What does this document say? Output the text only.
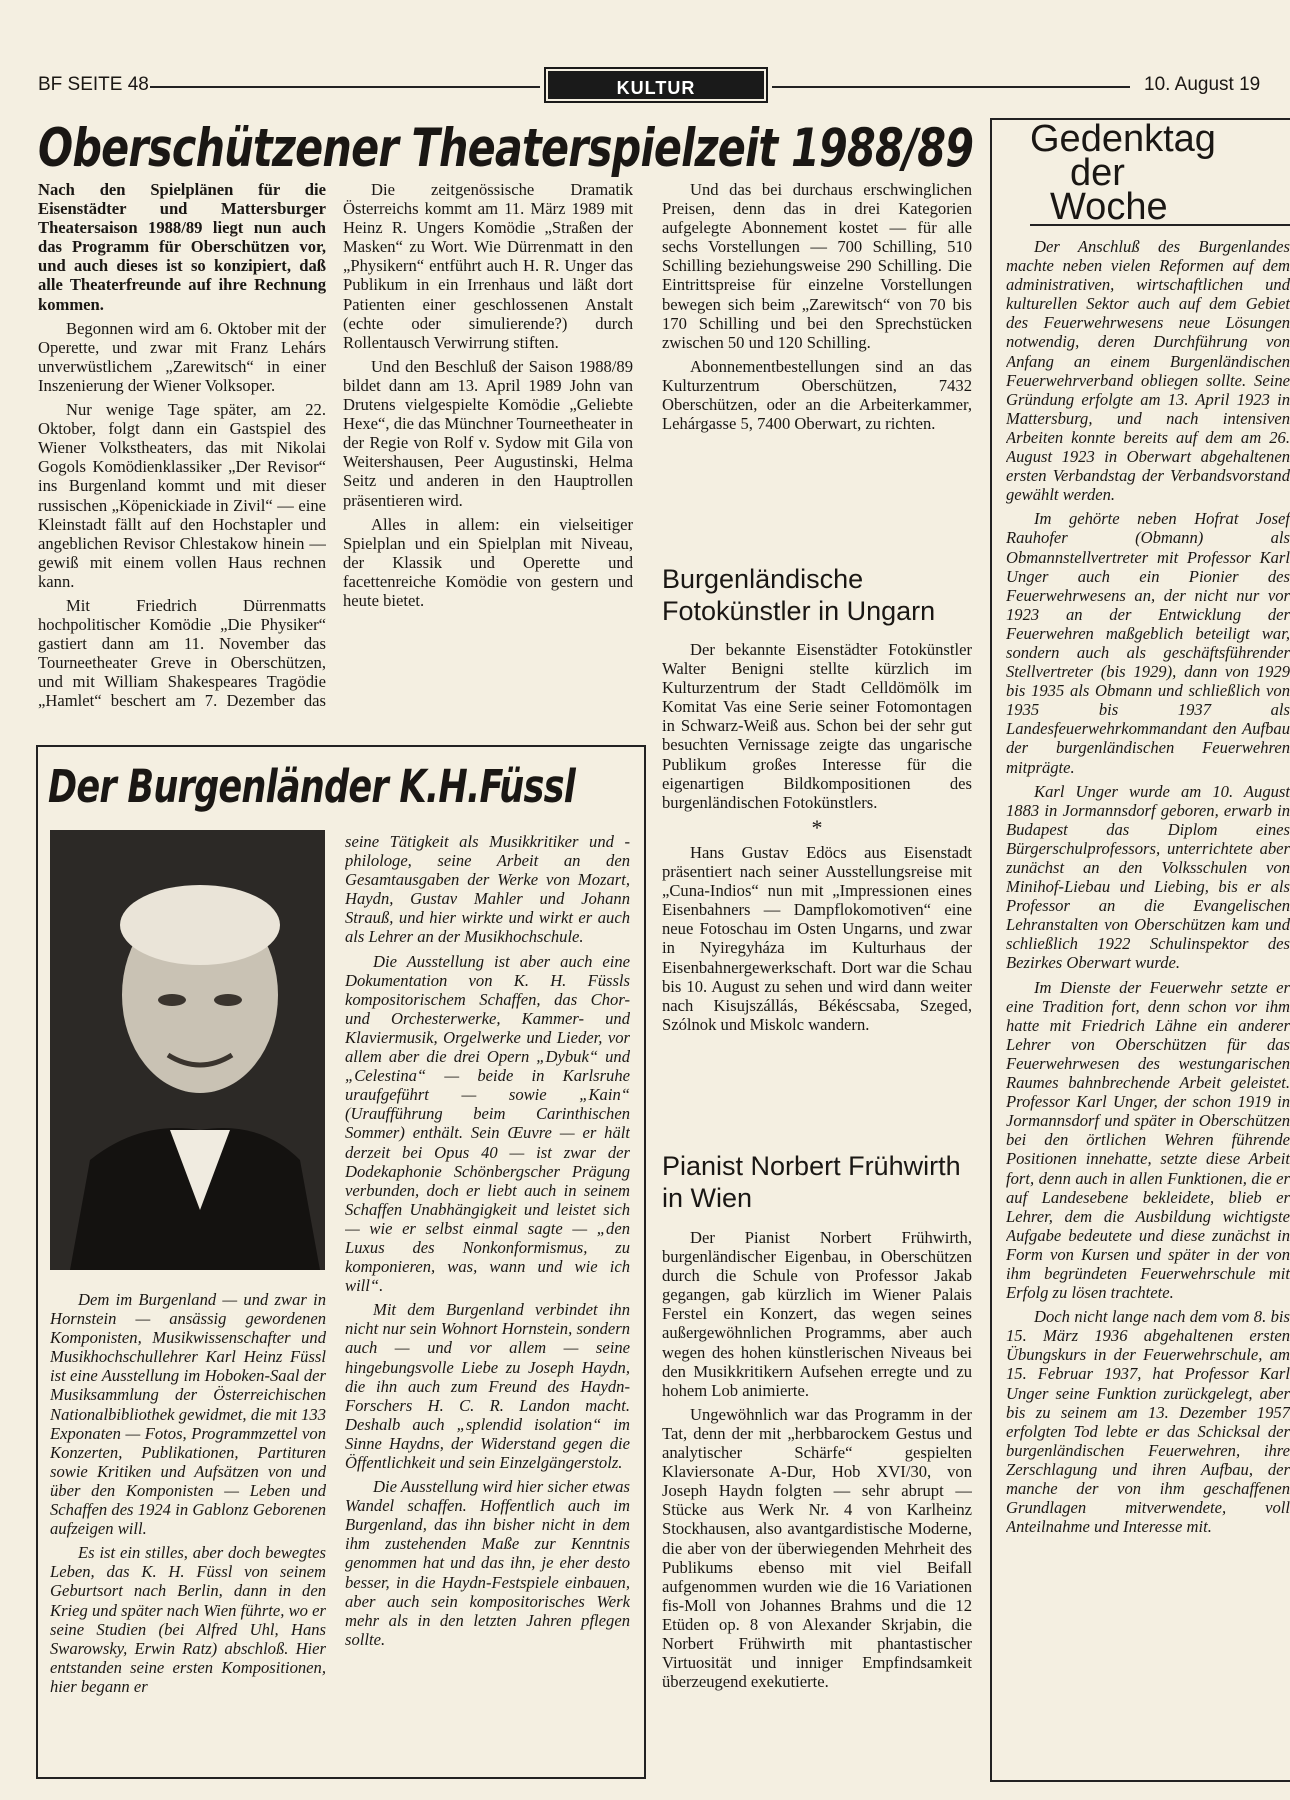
BF SEITE 48	KULTUR	10. August 19
Oberschützener Theaterspielzeit 1988/89

Nach den Spielplänen für die Eisenstädter und Mattersburger Theatersaison 1988/89 liegt nun auch das Programm für Oberschützen vor, und auch dieses ist so konzipiert, daß alle Theaterfreunde auf ihre Rechnung kommen.

Begonnen wird am 6. Oktober mit der Operette, und zwar mit Franz Lehárs unverwüstlichem „Zarewitsch“ in einer Inszenierung der Wiener Volksoper.

Nur wenige Tage später, am 22. Oktober, folgt dann ein Gastspiel des Wiener Volkstheaters, das mit Nikolai Gogols Komödienklassiker „Der Revisor“ ins Burgenland kommt und mit dieser russischen „Köpenickiade in Zivil“ — eine Kleinstadt fällt auf den Hochstapler und angeblichen Revisor Chlestakow hinein — gewiß mit einem vollen Haus rechnen kann.

Mit Friedrich Dürrenmatts hochpolitischer Komödie „Die Physiker“ gastiert dann am 11. November das Tourneetheater Greve in Oberschützen, und mit William Shakespeares Tragödie „Hamlet“ beschert am 7. Dezember das

Die zeitgenössische Dramatik Österreichs kommt am 11. März 1989 mit Heinz R. Ungers Komödie „Straßen der Masken“ zu Wort. Wie Dürrenmatt in den „Physikern“ entführt auch H. R. Unger das Publikum in ein Irrenhaus und läßt dort Patienten einer geschlossenen Anstalt (echte oder simulierende?) durch Rollentausch Verwirrung stiften.

Und den Beschluß der Saison 1988/89 bildet dann am 13. April 1989 John van Drutens vielgespielte Komödie „Geliebte Hexe“, die das Münchner Tourneetheater in der Regie von Rolf v. Sydow mit Gila von Weitershausen, Peer Augustinski, Helma Seitz und anderen in den Hauptrollen präsentieren wird.

Alles in allem: ein vielseitiger Spielplan und ein Spielplan mit Niveau, der Klassik und Operette und facettenreiche Komödie von gestern und heute bietet.

Und das bei durchaus erschwinglichen Preisen, denn das in drei Kategorien aufgelegte Abonnement kostet — für alle sechs Vorstellungen — 700 Schilling, 510 Schilling beziehungsweise 290 Schilling. Die Eintrittspreise für einzelne Vorstellungen bewegen sich beim „Zarewitsch“ von 70 bis 170 Schilling und bei den Sprechstücken zwischen 50 und 120 Schilling.

Abonnementbestellungen sind an das Kulturzentrum Oberschützen, 7432 Oberschützen, oder an die Arbeiterkammer, Lehárgasse 5, 7400 Oberwart, zu richten.

Burgenländische Fotokünstler in Ungarn

Der bekannte Eisenstädter Fotokünstler Walter Benigni stellte kürzlich im Kulturzentrum der Stadt Celldömölk im Komitat Vas eine Serie seiner Fotomontagen in Schwarz-Weiß aus. Schon bei der sehr gut besuchten Vernissage zeigte das ungarische Publikum großes Interesse für die eigenartigen Bildkompositionen des burgenländischen Fotokünstlers.

*

Hans Gustav Edöcs aus Eisenstadt präsentiert nach seiner Ausstellungsreise mit „Cuna-Indios“ nun mit „Impressionen eines Eisenbahners — Dampflokomotiven“ eine neue Fotoschau im Osten Ungarns, und zwar in Nyiregyháza im Kulturhaus der Eisenbahnergewerkschaft. Dort war die Schau bis 10. August zu sehen und wird dann weiter nach Kisujszállás, Békéscsaba, Szeged, Szólnok und Miskolc wandern.

Pianist Norbert Frühwirth in Wien

Der Pianist Norbert Frühwirth, burgenländischer Eigenbau, in Oberschützen durch die Schule von Professor Jakab gegangen, gab kürzlich im Wiener Palais Ferstel ein Konzert, das wegen seines außergewöhnlichen Programms, aber auch wegen des hohen künstlerischen Niveaus bei den Musikkritikern Aufsehen erregte und zu hohem Lob animierte.

Ungewöhnlich war das Programm in der Tat, denn der mit „herbbarockem Gestus und analytischer Schärfe“ gespielten Klaviersonate A-Dur, Hob XVI/30, von Joseph Haydn folgten — sehr abrupt — Stücke aus Werk Nr. 4 von Karlheinz Stockhausen, also avantgardistische Moderne, die aber von der überwiegenden Mehrheit des Publikums ebenso mit viel Beifall aufgenommen wurden wie die 16 Variationen fis-Moll von Johannes Brahms und die 12 Etüden op. 8 von Alexander Skrjabin, die Norbert Frühwirth mit phantastischer Virtuosität und inniger Empfindsamkeit überzeugend exekutierte.

Der Burgenländer K.H.Füssl

Dem im Burgenland — und zwar in Hornstein — ansässig gewordenen Komponisten, Musikwissenschafter und Musikhochschullehrer Karl Heinz Füssl ist eine Ausstellung im Hoboken-Saal der Musiksammlung der Österreichischen Nationalbibliothek gewidmet, die mit 133 Exponaten — Fotos, Programmzettel von Konzerten, Publikationen, Partituren sowie Kritiken und Aufsätzen von und über den Komponisten — Leben und Schaffen des 1924 in Gablonz Geborenen aufzeigen will.

Es ist ein stilles, aber doch bewegtes Leben, das K. H. Füssl von seinem Geburtsort nach Berlin, dann in den Krieg und später nach Wien führte, wo er seine Studien (bei Alfred Uhl, Hans Swarowsky, Erwin Ratz) abschloß. Hier entstanden seine ersten Kompositionen, hier begann er

seine Tätigkeit als Musikkritiker und -philologe, seine Arbeit an den Gesamtausgaben der Werke von Mozart, Haydn, Gustav Mahler und Johann Strauß, und hier wirkte und wirkt er auch als Lehrer an der Musikhochschule.

Die Ausstellung ist aber auch eine Dokumentation von K. H. Füssls kompositorischem Schaffen, das Chor- und Orchesterwerke, Kammer- und Klaviermusik, Orgelwerke und Lieder, vor allem aber die drei Opern „Dybuk“ und „Celestina“ — beide in Karlsruhe uraufgeführt — sowie „Kain“ (Uraufführung beim Carinthischen Sommer) enthält. Sein Œuvre — er hält derzeit bei Opus 40 — ist zwar der Dodekaphonie Schönbergscher Prägung verbunden, doch er liebt auch in seinem Schaffen Unabhängigkeit und leistet sich — wie er selbst einmal sagte — „den Luxus des Nonkonformismus, zu komponieren, was, wann und wie ich will“.

Mit dem Burgenland verbindet ihn nicht nur sein Wohnort Hornstein, sondern auch — und vor allem — seine hingebungsvolle Liebe zu Joseph Haydn, die ihn auch zum Freund des Haydn-Forschers H. C. R. Landon macht. Deshalb auch „splendid isolation“ im Sinne Haydns, der Widerstand gegen die Öffentlichkeit und sein Einzelgängerstolz.

Die Ausstellung wird hier sicher etwas Wandel schaffen. Hoffentlich auch im Burgenland, das ihn bisher nicht in dem ihm zustehenden Maße zur Kenntnis genommen hat und das ihn, je eher desto besser, in die Haydn-Festspiele einbauen, aber auch sein kompositorisches Werk mehr als in den letzten Jahren pflegen sollte.

Gedenktag
der
Woche

Der Anschluß des Burgenlandes machte neben vielen Reformen auf dem administrativen, wirtschaftlichen und kulturellen Sektor auch auf dem Gebiet des Feuerwehrwesens neue Lösungen notwendig, deren Durchführung von Anfang an einem Burgenländischen Feuerwehrverband obliegen sollte. Seine Gründung erfolgte am 13. April 1923 in Mattersburg, und nach intensiven Arbeiten konnte bereits auf dem am 26. August 1923 in Oberwart abgehaltenen ersten Verbandstag der Verbandsvorstand gewählt werden.

Im gehörte neben Hofrat Josef Rauhofer (Obmann) als Obmannstellvertreter mit Professor Karl Unger auch ein Pionier des Feuerwehrwesens an, der nicht nur vor 1923 an der Entwicklung der Feuerwehren maßgeblich beteiligt war, sondern auch als geschäftsführender Stellvertreter (bis 1929), dann von 1929 bis 1935 als Obmann und schließlich von 1935 bis 1937 als Landesfeuerwehrkommandant den Aufbau der burgenländischen Feuerwehren mitprägte.

Karl Unger wurde am 10. August 1883 in Jormannsdorf geboren, erwarb in Budapest das Diplom eines Bürgerschulprofessors, unterrichtete aber zunächst an den Volksschulen von Minihof-Liebau und Liebing, bis er als Professor an die Evangelischen Lehranstalten von Oberschützen kam und schließlich 1922 Schulinspektor des Bezirkes Oberwart wurde.

Im Dienste der Feuerwehr setzte er eine Tradition fort, denn schon vor ihm hatte mit Friedrich Lähne ein anderer Lehrer von Oberschützen für das Feuerwehrwesen des westungarischen Raumes bahnbrechende Arbeit geleistet. Professor Karl Unger, der schon 1919 in Jormannsdorf und später in Oberschützen bei den örtlichen Wehren führende Positionen innehatte, setzte diese Arbeit fort, denn auch in allen Funktionen, die er auf Landesebene bekleidete, blieb er Lehrer, dem die Ausbildung wichtigste Aufgabe bedeutete und diese zunächst in Form von Kursen und später in der von ihm begründeten Feuerwehrschule mit Erfolg zu lösen trachtete.

Doch nicht lange nach dem vom 8. bis 15. März 1936 abgehaltenen ersten Übungskurs in der Feuerwehrschule, am 15. Februar 1937, hat Professor Karl Unger seine Funktion zurückgelegt, aber bis zu seinem am 13. Dezember 1957 erfolgten Tod lebte er das Schicksal der burgenländischen Feuerwehren, ihre Zerschlagung und ihren Aufbau, der manche der von ihm geschaffenen Grundlagen mitverwendete, voll Anteilnahme und Interesse mit.
